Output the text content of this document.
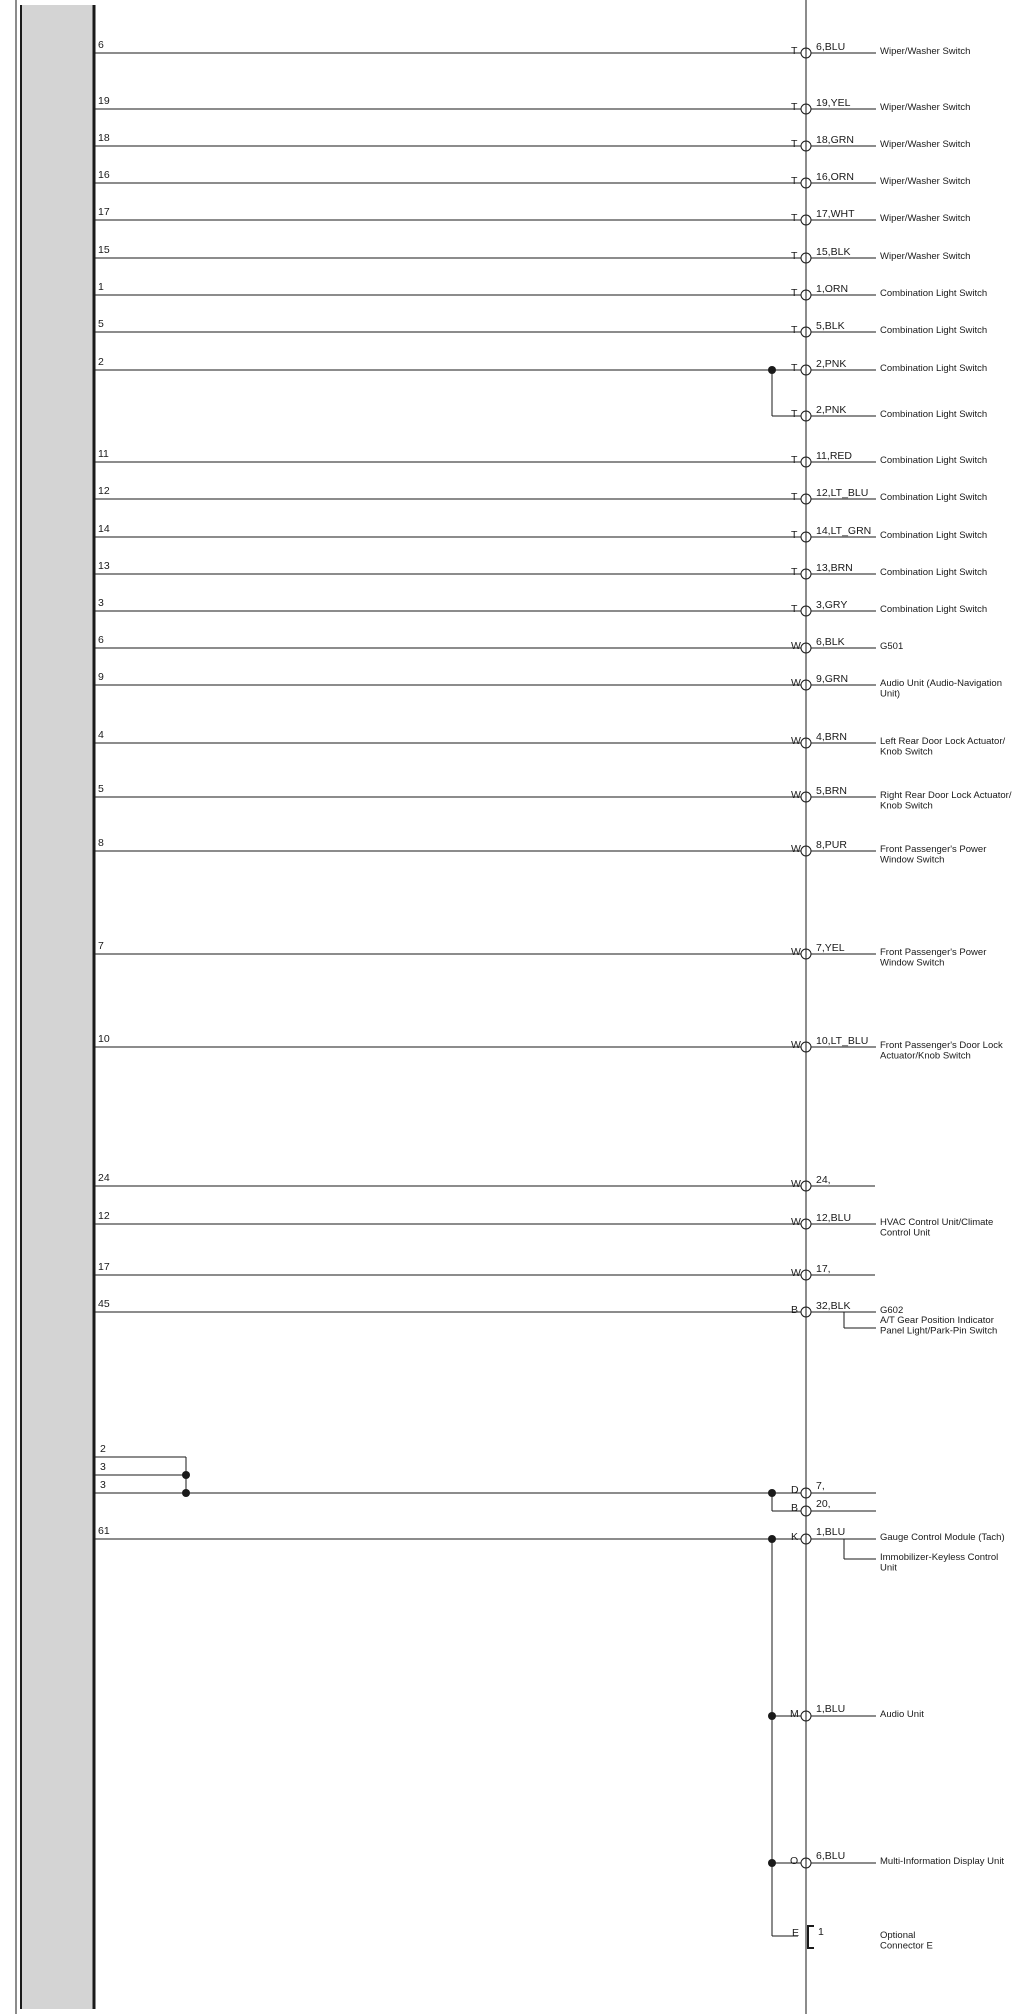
6	T 6,BLU	Wiper/Washer Switch
19	T 19,YEL	Wiper/Washer Switch
18	T 18,GRN	Wiper/Washer Switch
16	T 16,ORN	Wiper/Washer Switch
17	T 17,WHT	Wiper/Washer Switch
15	T 15,BLK	Wiper/Washer Switch
1	T 1,ORN	Combination Light Switch
5	T 5,BLK	Combination Light Switch
2	T 2,PNK	Combination Light Switch
T 2,PNK	Combination Light Switch
11	T 11,RED	Combination Light Switch
12	T 12,LT_BLU Combination Light Switch
14	T 14,LT_GRN Combination Light Switch
13	T 13,BRN	Combination Light Switch
3	T 3,GRY	Combination Light Switch
6	W 6,BLK	G501
9	W 9,GRN	Audio Unit (Audio-Navigation
Unit)
4	W 4,BRN	Left Rear Door Lock Actuator/
Knob Switch
5	W 5,BRN	Right Rear Door Lock Actuator/
Knob Switch
8	W 8,PUR	Front Passenger's Power
Window Switch
7	W 7,YEL	Front Passenger's Power
Window Switch
10	W 10,LT_BLU Front Passenger's Door Lock
Actuator/Knob Switch
24	W 24,
12	W 12,BLU	HVAC Control Unit/Climate
Control Unit
17	W 17,
45	B 32,BLK	G602
A/T Gear Position Indicator
Panel Light/Park-Pin Switch
2
3
3	D 7,
B 20,
61	K 1,BLU	Gauge Control Module (Tach)
Immobilizer-Keyless Control
Unit
M 1,BLU	Audio Unit
O 6,BLU	Multi-Information Display Unit
E 1	Optional
Connector E
